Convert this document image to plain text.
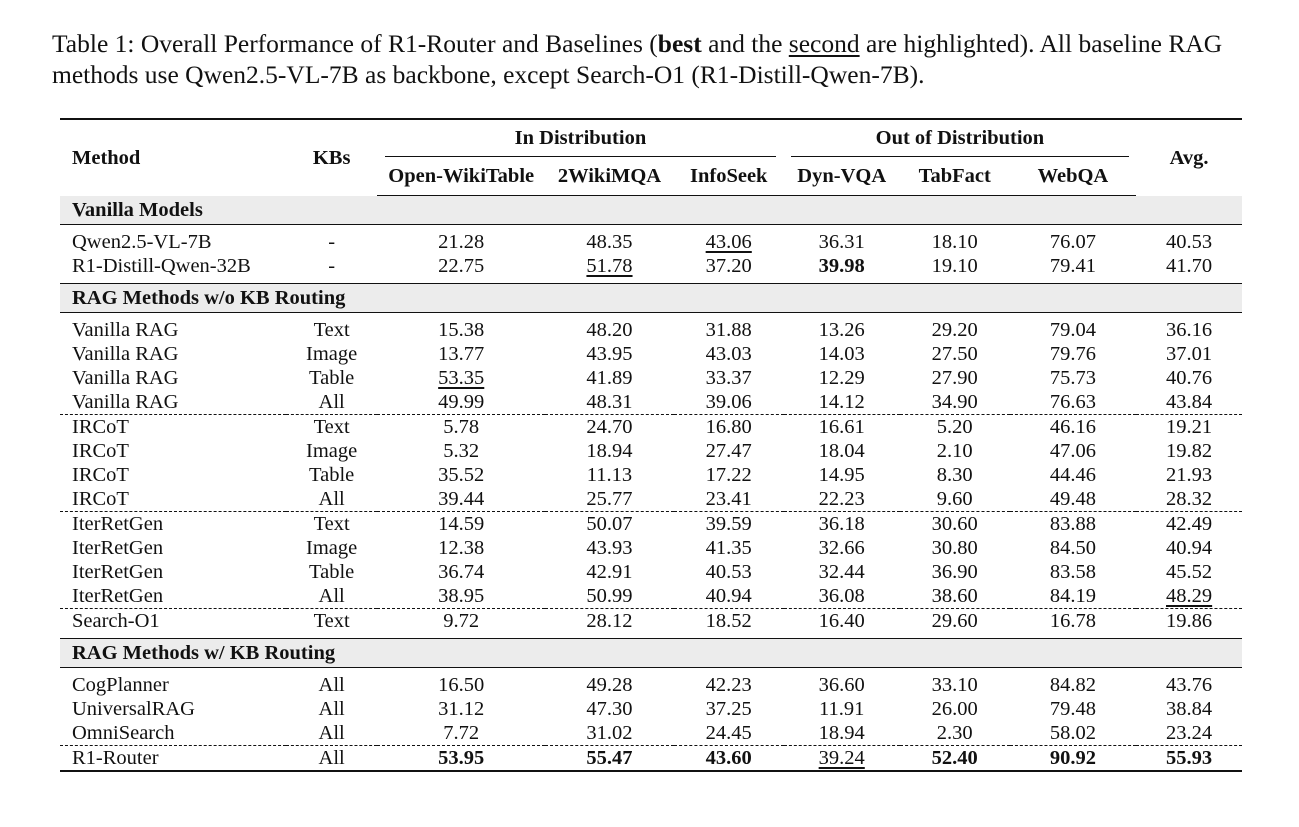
Table 1: Overall Performance of R1-Router and Baselines (best and the second are highlighted). All baseline RAG methods use Qwen2.5-VL-7B as backbone, except Search-O1 (R1-Distill-Qwen-7B).
Method	KBs	In Distribution			Out of Distribution			Avg.
		Open-WikiTable	2WikiMQA	InfoSeek	Dyn-VQA	TabFact	WebQA	
Vanilla Models								

Qwen2.5-VL-7B	-	21.28	48.35	43.06	36.31	18.10	76.07	40.53
R1-Distill-Qwen-32B	-	22.75	51.78	37.20	39.98	19.10	79.41	41.70

RAG Methods w/o KB Routing								

Vanilla RAG	Text	15.38	48.20	31.88	13.26	29.20	79.04	36.16
Vanilla RAG	Image	13.77	43.95	43.03	14.03	27.50	79.76	37.01
Vanilla RAG	Table	53.35	41.89	33.37	12.29	27.90	75.73	40.76
Vanilla RAG	All	49.99	48.31	39.06	14.12	34.90	76.63	43.84
IRCoT	Text	5.78	24.70	16.80	16.61	5.20	46.16	19.21
IRCoT	Image	5.32	18.94	27.47	18.04	2.10	47.06	19.82
IRCoT	Table	35.52	11.13	17.22	14.95	8.30	44.46	21.93
IRCoT	All	39.44	25.77	23.41	22.23	9.60	49.48	28.32
IterRetGen	Text	14.59	50.07	39.59	36.18	30.60	83.88	42.49
IterRetGen	Image	12.38	43.93	41.35	32.66	30.80	84.50	40.94
IterRetGen	Table	36.74	42.91	40.53	32.44	36.90	83.58	45.52
IterRetGen	All	38.95	50.99	40.94	36.08	38.60	84.19	48.29
Search-O1	Text	9.72	28.12	18.52	16.40	29.60	16.78	19.86

RAG Methods w/ KB Routing								

CogPlanner	All	16.50	49.28	42.23	36.60	33.10	84.82	43.76
UniversalRAG	All	31.12	47.30	37.25	11.91	26.00	79.48	38.84
OmniSearch	All	7.72	31.02	24.45	18.94	2.30	58.02	23.24
R1-Router	All	53.95	55.47	43.60	39.24	52.40	90.92	55.93
